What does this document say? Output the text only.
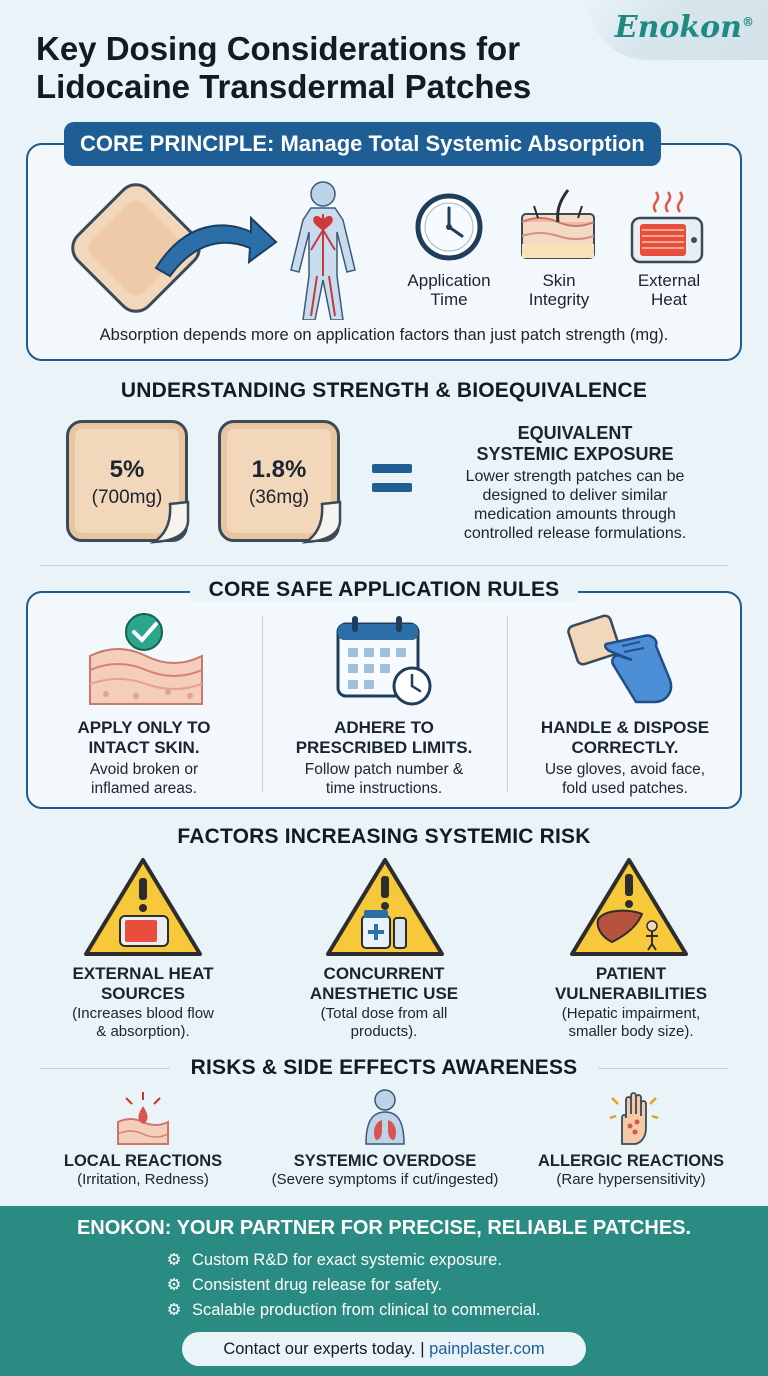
Enokon®
Key Dosing Considerations for
Lidocaine Transdermal Patches
CORE PRINCIPLE: Manage Total Systemic Absorption
Application
Time
Skin
Integrity
External
Heat
Absorption depends more on application factors than just patch strength (mg).
UNDERSTANDING STRENGTH & BIOEQUIVALENCE
5%
(700mg)
1.8%
(36mg)
EQUIVALENT
SYSTEMIC EXPOSURE
Lower strength patches can be
designed to deliver similar
medication amounts through
controlled release formulations.
CORE SAFE APPLICATION RULES
APPLY ONLY TO
INTACT SKIN.
Avoid broken or
inflamed areas.
ADHERE TO
PRESCRIBED LIMITS.
Follow patch number &
time instructions.
HANDLE & DISPOSE
CORRECTLY.
Use gloves, avoid face,
fold used patches.
FACTORS INCREASING SYSTEMIC RISK
EXTERNAL HEAT
SOURCES
(Increases blood flow
& absorption).
CONCURRENT
ANESTHETIC USE
(Total dose from all
products).
PATIENT
VULNERABILITIES
(Hepatic impairment,
smaller body size).
RISKS & SIDE EFFECTS AWARENESS
LOCAL REACTIONS
(Irritation, Redness)
SYSTEMIC OVERDOSE
(Severe symptoms if cut/ingested)
ALLERGIC REACTIONS
(Rare hypersensitivity)
ENOKON: YOUR PARTNER FOR PRECISE, RELIABLE PATCHES.
⚙ Custom R&D for exact systemic exposure.
⚙ Consistent drug release for safety.
⚙ Scalable production from clinical to commercial.
Contact our experts today. | painplaster.com
